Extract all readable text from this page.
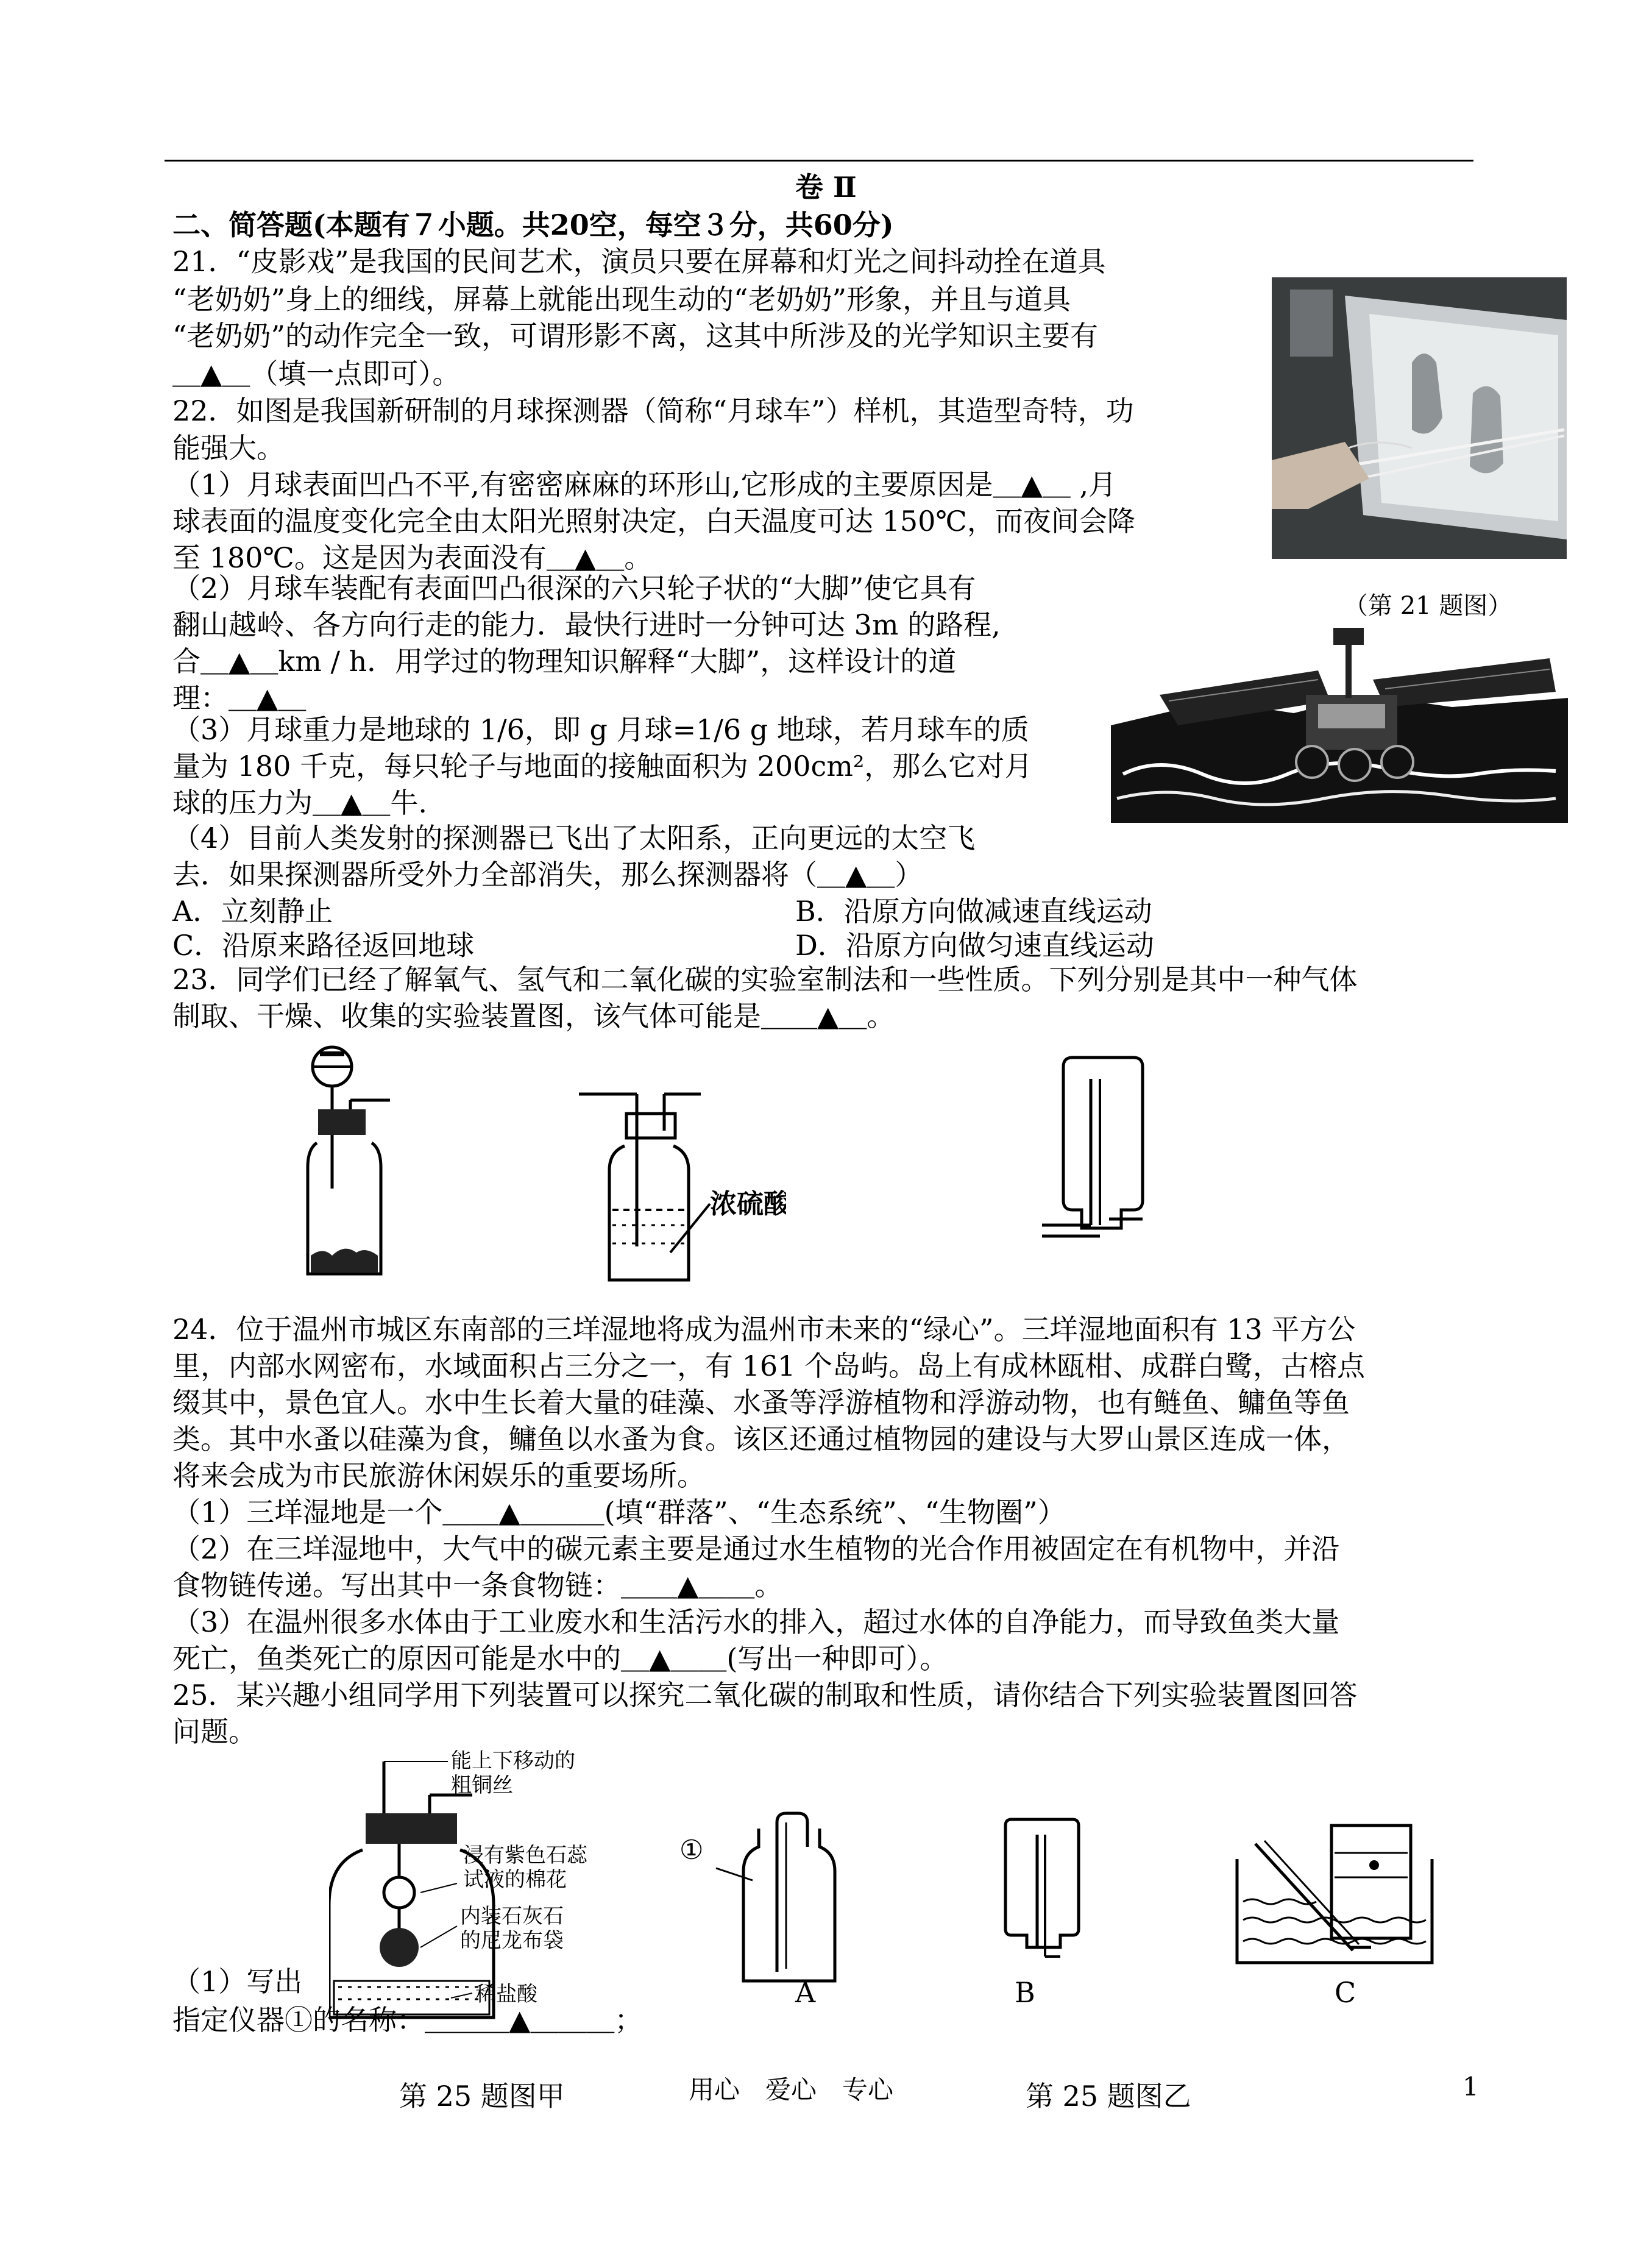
卷 Ⅱ
二、简答题(本题有７小题。共20空，每空３分，共60分)
21．“皮影戏”是我国的民间艺术，演员只要在屏幕和灯光之间抖动拴在道具
“老奶奶”身上的细线，屏幕上就能出现生动的“老奶奶”形象，并且与道具
“老奶奶”的动作完全一致，可谓形影不离，这其中所涉及的光学知识主要有
＿▲＿（填一点即可）。
（第 21 题图）
22．如图是我国新研制的月球探测器（简称“月球车”）样机，其造型奇特，功
能强大。
（1）月球表面凹凸不平,有密密麻麻的环形山,它形成的主要原因是＿▲＿ ,月
球表面的温度变化完全由太阳光照射决定，白天温度可达 150℃，而夜间会降
至 180℃。这是因为表面没有＿▲＿。
（2）月球车装配有表面凹凸很深的六只轮子状的“大脚”使它具有
翻山越岭、各方向行走的能力．最快行进时一分钟可达 3m 的路程,
合＿▲＿km / h．用学过的物理知识解释“大脚”，这样设计的道
理：＿▲＿
（3）月球重力是地球的 1/6，即 g 月球=1/6 g 地球，若月球车的质
量为 180 千克，每只轮子与地面的接触面积为 200cm²，那么它对月
球的压力为＿▲＿牛.
（4）目前人类发射的探测器已飞出了太阳系，正向更远的太空飞
去．如果探测器所受外力全部消失，那么探测器将（＿▲＿）
A．立刻静止	B．沿原方向做减速直线运动
C．沿原来路径返回地球	D．沿原方向做匀速直线运动
23．同学们已经了解氧气、氢气和二氧化碳的实验室制法和一些性质。下列分别是其中一种气体
制取、干燥、收集的实验装置图，该气体可能是＿＿▲＿。
浓硫酸
24．位于温州市城区东南部的三垟湿地将成为温州市未来的“绿心”。三垟湿地面积有 13 平方公
里，内部水网密布，水域面积占三分之一，有 161 个岛屿。岛上有成林瓯柑、成群白鹭，古榕点
缀其中，景色宜人。水中生长着大量的硅藻、水蚤等浮游植物和浮游动物，也有鲢鱼、鳙鱼等鱼
类。其中水蚤以硅藻为食，鳙鱼以水蚤为食。该区还通过植物园的建设与大罗山景区连成一体，
将来会成为市民旅游休闲娱乐的重要场所。
（1）三垟湿地是一个＿＿▲＿＿＿(填“群落”、“生态系统”、“生物圈”）
（2）在三垟湿地中，大气中的碳元素主要是通过水生植物的光合作用被固定在有机物中，并沿
食物链传递。写出其中一条食物链：＿＿▲＿＿。
（3）在温州很多水体由于工业废水和生活污水的排入，超过水体的自净能力，而导致鱼类大量
死亡，鱼类死亡的原因可能是水中的＿▲＿＿(写出一种即可）。
25．某兴趣小组同学用下列装置可以探究二氧化碳的制取和性质，请你结合下列实验装置图回答
问题。
能上下移动的
粗铜丝
浸有紫色石蕊
试液的棉花
内装石灰石
的尼龙布袋
稀盐酸
①
A	B	C
（1）写出
指定仪器①的名称：＿＿＿▲＿＿＿；
第 25 题图甲	用心　爱心　专心	第 25 题图乙	1
